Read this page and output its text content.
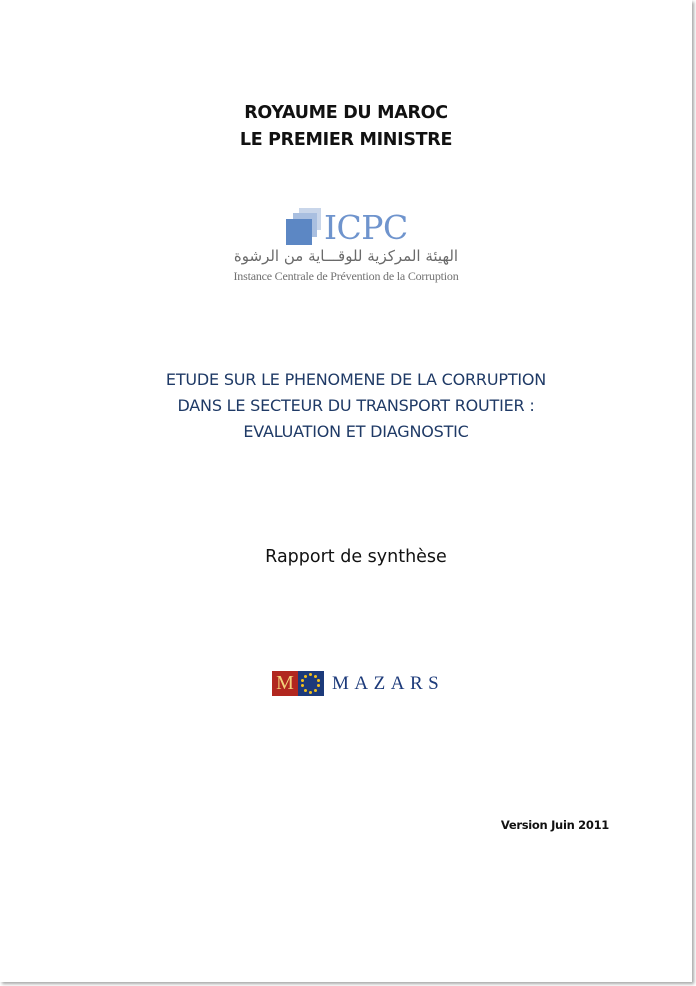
ROYAUME DU MAROC
LE PREMIER MINISTRE
ICPC
الهيئة المركزية للوقـــاية من الرشوة
Instance Centrale de Prévention de la Corruption
ETUDE SUR LE PHENOMENE DE LA CORRUPTION
DANS LE SECTEUR DU TRANSPORT ROUTIER :
EVALUATION ET DIAGNOSTIC
Rapport de synthèse
M MAZARS
Version Juin 2011
